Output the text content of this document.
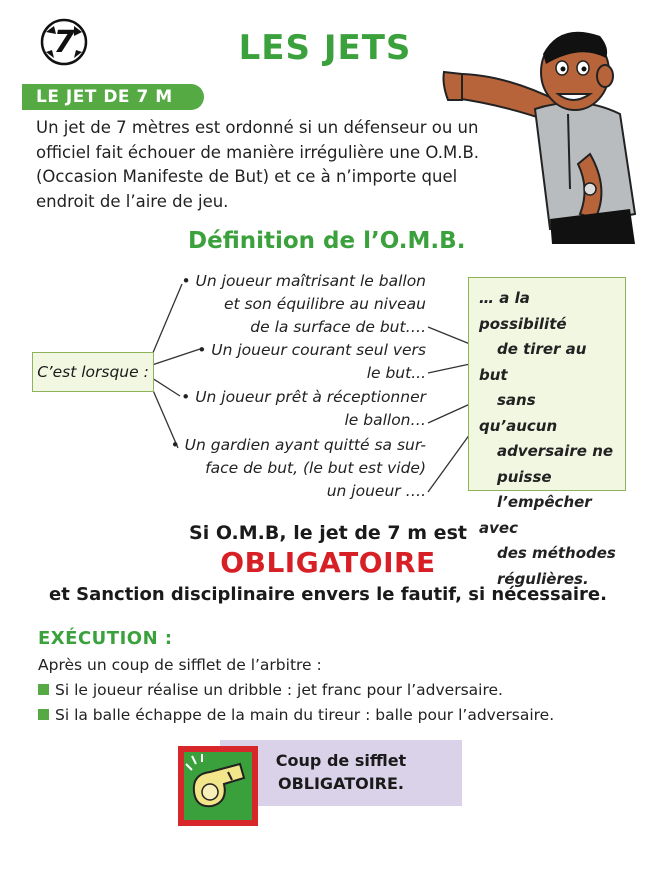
7	LES JETS
LE JET DE 7 M
Un jet de 7 mètres est ordonné si un défenseur ou un officiel fait échouer de manière irrégulière une O.M.B. (Occasion Manifeste de But) et ce à n’importe quel endroit de l’aire de jeu.
Définition de l’O.M.B.
C’est lorsque :
• Un joueur maîtrisant le ballon
et son équilibre au niveau
de la surface de but….
• Un joueur courant seul vers
le but...
• Un joueur prêt à réceptionner
le ballon…
• Un gardien ayant quitté sa sur-
face de but, (le but est vide)
un joueur ….
… a la possibilité
de tirer au but
sans qu’aucun
adversaire ne
puisse
l’empêcher avec
des méthodes
régulières.
Si O.M.B, le jet de 7 m est
OBLIGATOIRE
et Sanction disciplinaire envers le fautif, si nécessaire.
EXÉCUTION :
Après un coup de sifflet de l’arbitre :
Si le joueur réalise un dribble : jet franc pour l’adversaire.
Si la balle échappe de la main du tireur : balle pour l’adversaire.
Coup de sifflet
OBLIGATOIRE.
